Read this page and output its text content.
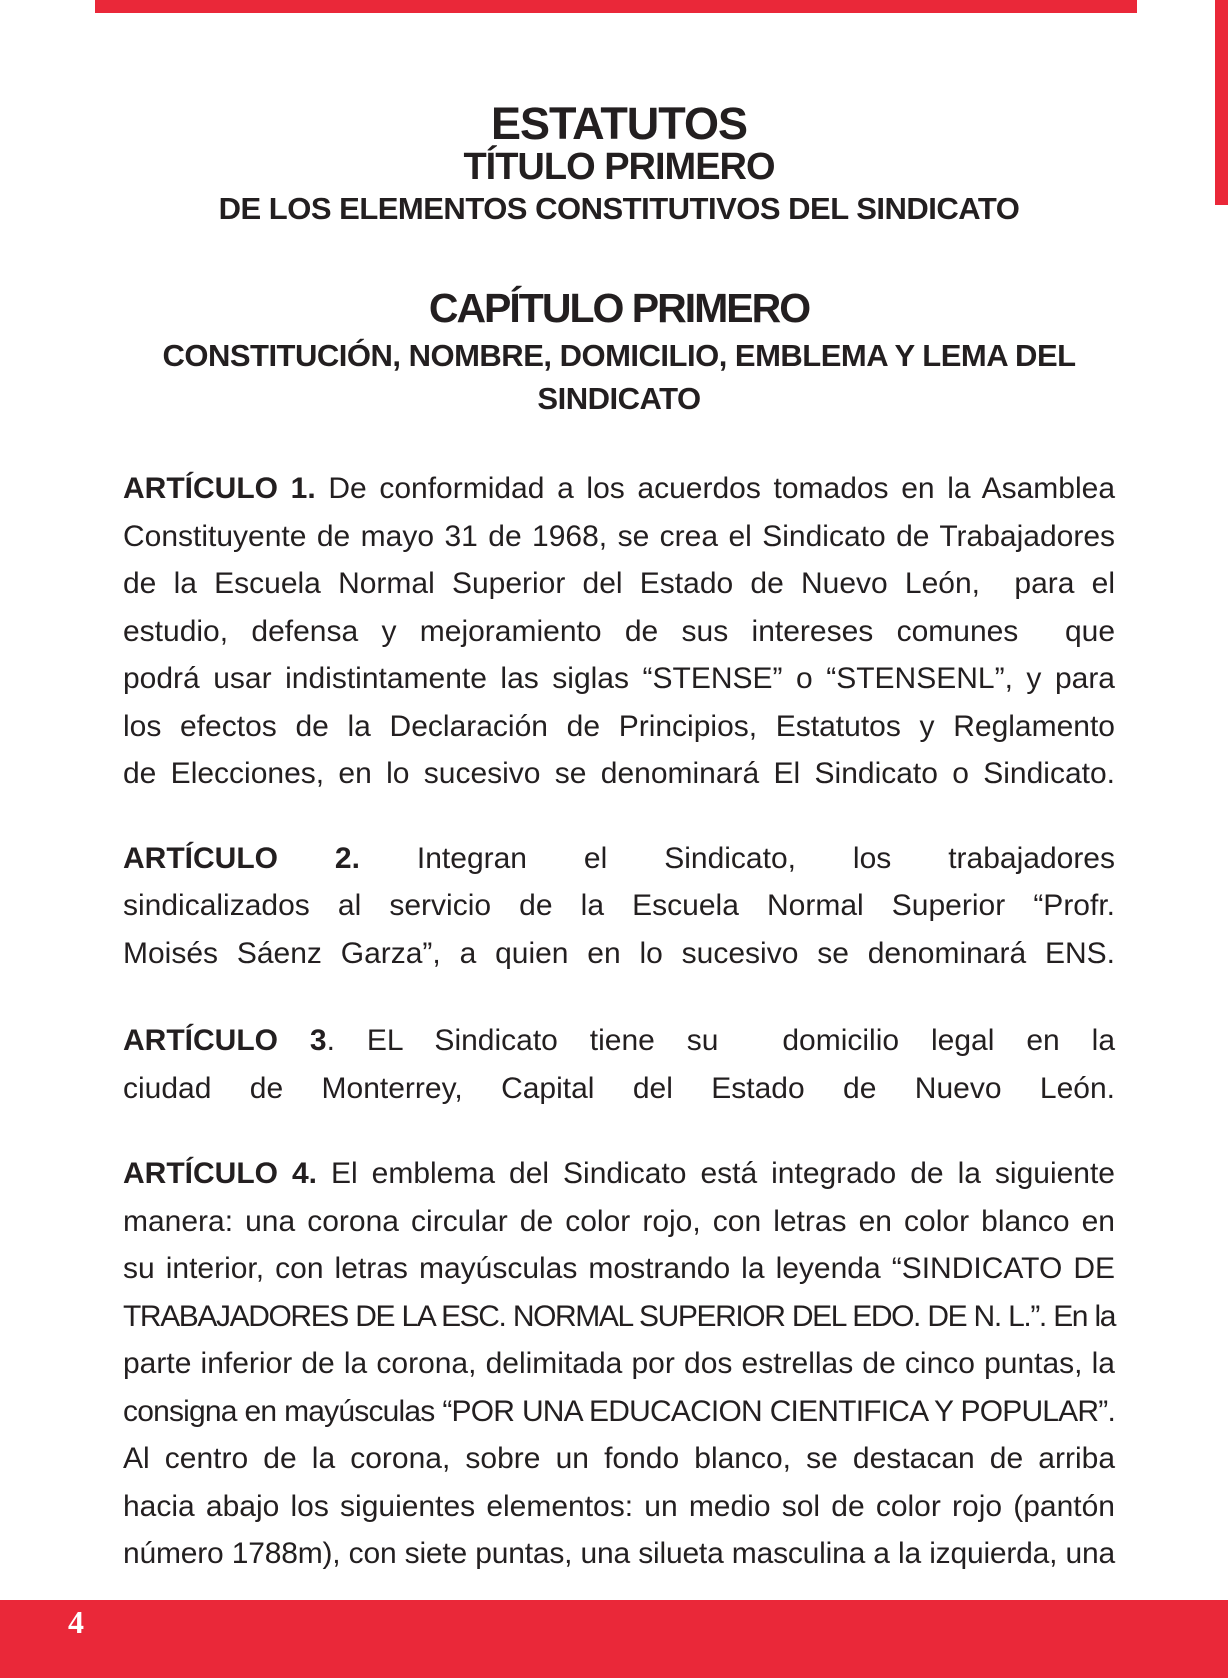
ESTATUTOS
TÍTULO PRIMERO
DE LOS ELEMENTOS CONSTITUTIVOS DEL SINDICATO
CAPÍTULO PRIMERO
CONSTITUCIÓN, NOMBRE, DOMICILIO, EMBLEMA Y LEMA DEL
SINDICATO
ARTÍCULO 1. De conformidad a los acuerdos tomados en la Asamblea
Constituyente de mayo 31 de 1968, se crea el Sindicato de Trabajadores
de la Escuela Normal Superior del Estado de Nuevo León,  para el
estudio, defensa y mejoramiento de sus intereses comunes  que
podrá usar indistintamente las siglas “STENSE” o “STENSENL”, y para
los efectos de la Declaración de Principios, Estatutos y Reglamento
de Elecciones, en lo sucesivo se denominará El Sindicato o Sindicato.
ARTÍCULO 2. Integran el Sindicato, los trabajadores
sindicalizados al servicio de la Escuela Normal Superior “Profr.
Moisés Sáenz Garza”, a quien en lo sucesivo se denominará ENS.
ARTÍCULO 3. EL Sindicato tiene su  domicilio legal en la
ciudad de Monterrey, Capital del Estado de Nuevo León.
ARTÍCULO 4. El emblema del Sindicato está integrado de la siguiente
manera: una corona circular de color rojo, con letras en color blanco en
su interior, con letras mayúsculas mostrando la leyenda “SINDICATO DE
TRABAJADORES DE LA ESC. NORMAL SUPERIOR DEL EDO. DE N. L.”. En la
parte inferior de la corona, delimitada por dos estrellas de cinco puntas, la
consigna en mayúsculas “POR UNA EDUCACION CIENTIFICA Y POPULAR”.
Al centro de la corona, sobre un fondo blanco, se destacan de arriba
hacia abajo los siguientes elementos: un medio sol de color rojo (pantón
número 1788m), con siete puntas, una silueta masculina a la izquierda, una
4
